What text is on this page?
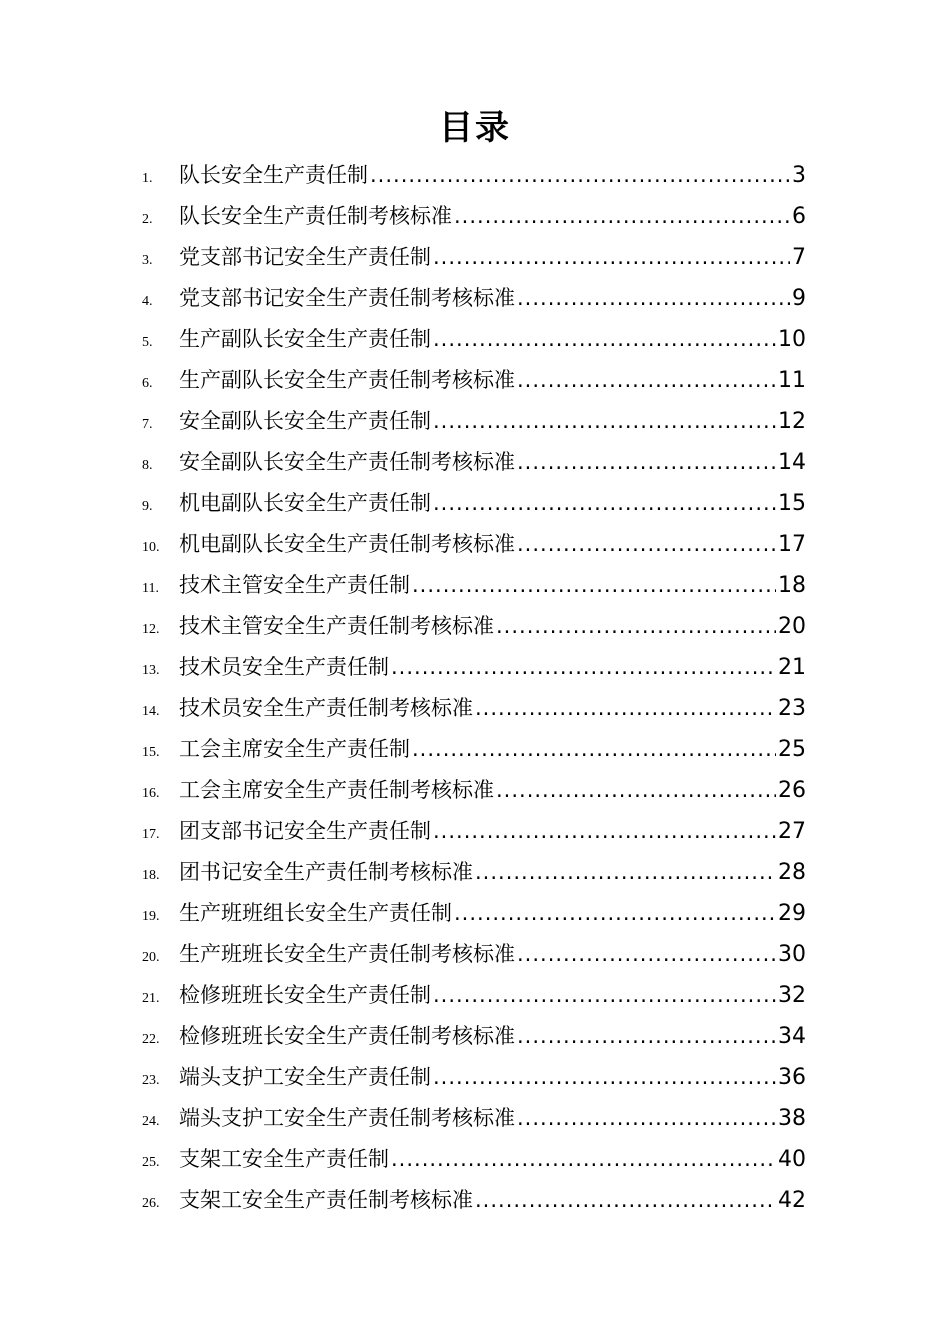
目录
1.	队长安全生产责任制 .....	3
2.	队长安全生产责任制考核标准 .....	6
3.	党支部书记安全生产责任制 .....	7
4.	党支部书记安全生产责任制考核标准 .....	9
5.	生产副队长安全生产责任制 .....	10
6.	生产副队长安全生产责任制考核标准 .....	11
7.	安全副队长安全生产责任制 .....	12
8.	安全副队长安全生产责任制考核标准 .....	14
9.	机电副队长安全生产责任制 .....	15
10. 机电副队长安全生产责任制考核标准 .....	17
11. 技术主管安全生产责任制 .....	18
12. 技术主管安全生产责任制考核标准 .....	20
13. 技术员安全生产责任制 .....	21
14. 技术员安全生产责任制考核标准 .....	23
15. 工会主席安全生产责任制 .....	25
16. 工会主席安全生产责任制考核标准 .....	26
17. 团支部书记安全生产责任制 .....	27
18. 团书记安全生产责任制考核标准 .....	28
19. 生产班班组长安全生产责任制 .....	29
20. 生产班班长安全生产责任制考核标准 .....	30
21. 检修班班长安全生产责任制 .....	32
22. 检修班班长安全生产责任制考核标准 .....	34
23. 端头支护工安全生产责任制 .....	36
24. 端头支护工安全生产责任制考核标准 .....	38
25. 支架工安全生产责任制 .....	40
26. 支架工安全生产责任制考核标准 .....	42
